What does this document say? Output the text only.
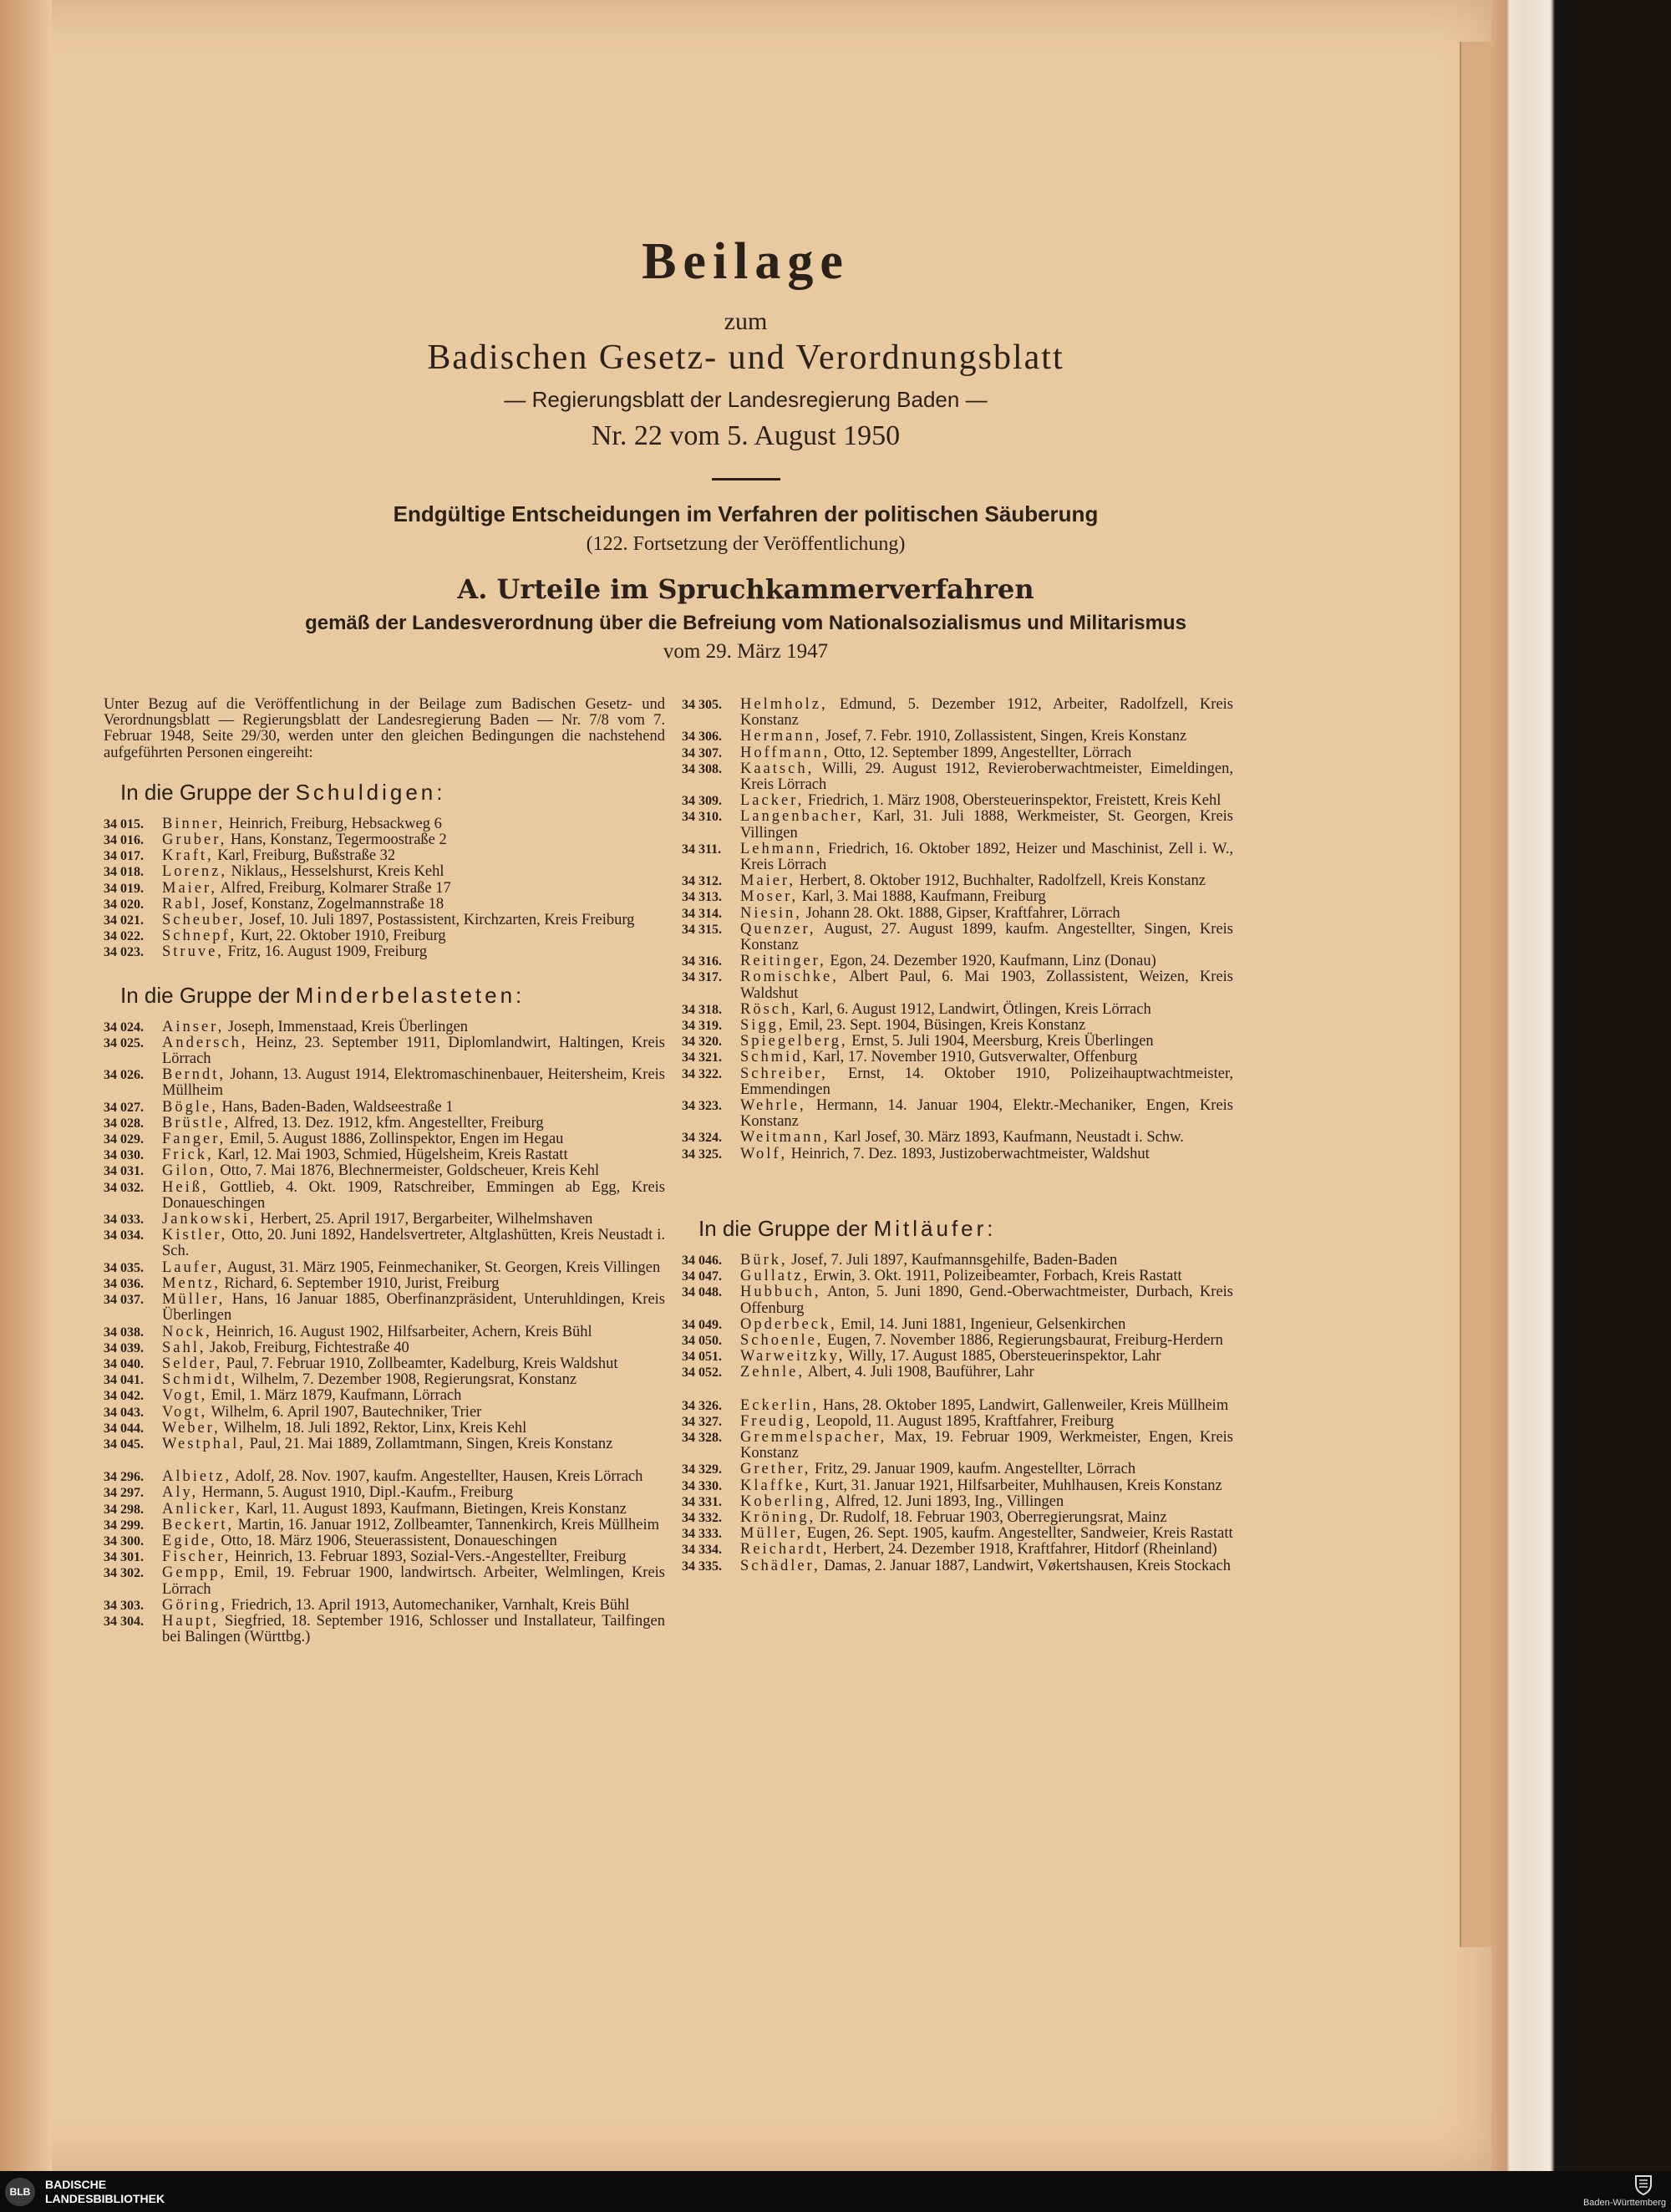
Beilage
zum
Badischen Gesetz- und Verordnungsblatt
— Regierungsblatt der Landesregierung Baden —
Nr. 22 vom 5. August 1950
Endgültige Entscheidungen im Verfahren der politischen Säuberung
(122. Fortsetzung der Veröffentlichung)
A. Urteile im Spruchkammerverfahren
gemäß der Landesverordnung über die Befreiung vom Nationalsozialismus und Militarismus
vom 29. März 1947
Unter Bezug auf die Veröffentlichung in der Beilage zum Badischen Gesetz- und Verordnungsblatt — Regierungsblatt der Landesregierung Baden — Nr. 7/8 vom 7. Februar 1948, Seite 29/30, werden unter den gleichen Bedingungen die nachstehend aufgeführten Personen eingereiht:
In die Gruppe der Schuldigen:
34 015.	Binner, Heinrich, Freiburg, Hebsackweg 6
34 016.	Gruber, Hans, Konstanz, Tegermoostraße 2
34 017.	Kraft, Karl, Freiburg, Bußstraße 32
34 018.	Lorenz, Niklaus,, Hesselshurst, Kreis Kehl
34 019.	Maier, Alfred, Freiburg, Kolmarer Straße 17
34 020.	Rabl, Josef, Konstanz, Zogelmannstraße 18
34 021.	Scheuber, Josef, 10. Juli 1897, Postassistent, Kirchzarten, Kreis Freiburg
34 022.	Schnepf, Kurt, 22. Oktober 1910, Freiburg
34 023.	Struve, Fritz, 16. August 1909, Freiburg
In die Gruppe der Minderbelasteten:
34 024.	Ainser, Joseph, Immenstaad, Kreis Überlingen
34 025.	Andersch, Heinz, 23. September 1911, Diplomlandwirt, Haltingen, Kreis Lörrach
34 026.	Berndt, Johann, 13. August 1914, Elektromaschinenbauer, Heitersheim, Kreis Müllheim
34 027.	Bögle, Hans, Baden-Baden, Waldseestraße 1
34 028.	Brüstle, Alfred, 13. Dez. 1912, kfm. Angestellter, Freiburg
34 029.	Fanger, Emil, 5. August 1886, Zollinspektor, Engen im Hegau
34 030.	Frick, Karl, 12. Mai 1903, Schmied, Hügelsheim, Kreis Rastatt
34 031.	Gilon, Otto, 7. Mai 1876, Blechnermeister, Goldscheuer, Kreis Kehl
34 032.	Heiß, Gottlieb, 4. Okt. 1909, Ratschreiber, Emmingen ab Egg, Kreis Donaueschingen
34 033.	Jankowski, Herbert, 25. April 1917, Bergarbeiter, Wilhelmshaven
34 034.	Kistler, Otto, 20. Juni 1892, Handelsvertreter, Altglashütten, Kreis Neustadt i. Sch.
34 035.	Laufer, August, 31. März 1905, Feinmechaniker, St. Georgen, Kreis Villingen
34 036.	Mentz, Richard, 6. September 1910, Jurist, Freiburg
34 037.	Müller, Hans, 16 Januar 1885, Oberfinanzpräsident, Unteruhldingen, Kreis Überlingen
34 038.	Nock, Heinrich, 16. August 1902, Hilfsarbeiter, Achern, Kreis Bühl
34 039.	Sahl, Jakob, Freiburg, Fichtestraße 40
34 040.	Selder, Paul, 7. Februar 1910, Zollbeamter, Kadelburg, Kreis Waldshut
34 041.	Schmidt, Wilhelm, 7. Dezember 1908, Regierungsrat, Konstanz
34 042.	Vogt, Emil, 1. März 1879, Kaufmann, Lörrach
34 043.	Vogt, Wilhelm, 6. April 1907, Bautechniker, Trier
34 044.	Weber, Wilhelm, 18. Juli 1892, Rektor, Linx, Kreis Kehl
34 045.	Westphal, Paul, 21. Mai 1889, Zollamtmann, Singen, Kreis Konstanz
34 296.	Albietz, Adolf, 28. Nov. 1907, kaufm. Angestellter, Hausen, Kreis Lörrach
34 297.	Aly, Hermann, 5. August 1910, Dipl.-Kaufm., Freiburg
34 298.	Anlicker, Karl, 11. August 1893, Kaufmann, Bietingen, Kreis Konstanz
34 299.	Beckert, Martin, 16. Januar 1912, Zollbeamter, Tannenkirch, Kreis Müllheim
34 300.	Egide, Otto, 18. März 1906, Steuerassistent, Donaueschingen
34 301.	Fischer, Heinrich, 13. Februar 1893, Sozial-Vers.-Angestellter, Freiburg
34 302.	Gempp, Emil, 19. Februar 1900, landwirtsch. Arbeiter, Welmlingen, Kreis Lörrach
34 303.	Göring, Friedrich, 13. April 1913, Automechaniker, Varnhalt, Kreis Bühl
34 304.	Haupt, Siegfried, 18. September 1916, Schlosser und Installateur, Tailfingen bei Balingen (Württbg.)
34 305.	Helmholz, Edmund, 5. Dezember 1912, Arbeiter, Radolfzell, Kreis Konstanz
34 306.	Hermann, Josef, 7. Febr. 1910, Zollassistent, Singen, Kreis Konstanz
34 307.	Hoffmann, Otto, 12. September 1899, Angestellter, Lörrach
34 308.	Kaatsch, Willi, 29. August 1912, Revieroberwachtmeister, Eimeldingen, Kreis Lörrach
34 309.	Lacker, Friedrich, 1. März 1908, Obersteuerinspektor, Freistett, Kreis Kehl
34 310.	Langenbacher, Karl, 31. Juli 1888, Werkmeister, St. Georgen, Kreis Villingen
34 311.	Lehmann, Friedrich, 16. Oktober 1892, Heizer und Maschinist, Zell i. W., Kreis Lörrach
34 312.	Maier, Herbert, 8. Oktober 1912, Buchhalter, Radolfzell, Kreis Konstanz
34 313.	Moser, Karl, 3. Mai 1888, Kaufmann, Freiburg
34 314.	Niesin, Johann 28. Okt. 1888, Gipser, Kraftfahrer, Lörrach
34 315.	Quenzer, August, 27. August 1899, kaufm. Angestellter, Singen, Kreis Konstanz
34 316.	Reitinger, Egon, 24. Dezember 1920, Kaufmann, Linz (Donau)
34 317.	Romischke, Albert Paul, 6. Mai 1903, Zollassistent, Weizen, Kreis Waldshut
34 318.	Rösch, Karl, 6. August 1912, Landwirt, Ötlingen, Kreis Lörrach
34 319.	Sigg, Emil, 23. Sept. 1904, Büsingen, Kreis Konstanz
34 320.	Spiegelberg, Ernst, 5. Juli 1904, Meersburg, Kreis Überlingen
34 321.	Schmid, Karl, 17. November 1910, Gutsverwalter, Offenburg
34 322.	Schreiber, Ernst, 14. Oktober 1910, Polizeihauptwachtmeister, Emmendingen
34 323.	Wehrle, Hermann, 14. Januar 1904, Elektr.-Mechaniker, Engen, Kreis Konstanz
34 324.	Weitmann, Karl Josef, 30. März 1893, Kaufmann, Neustadt i. Schw.
34 325.	Wolf, Heinrich, 7. Dez. 1893, Justizoberwachtmeister, Waldshut
In die Gruppe der Mitläufer:
34 046.	Bürk, Josef, 7. Juli 1897, Kaufmannsgehilfe, Baden-Baden
34 047.	Gullatz, Erwin, 3. Okt. 1911, Polizeibeamter, Forbach, Kreis Rastatt
34 048.	Hubbuch, Anton, 5. Juni 1890, Gend.-Oberwachtmeister, Durbach, Kreis Offenburg
34 049.	Opderbeck, Emil, 14. Juni 1881, Ingenieur, Gelsenkirchen
34 050.	Schoenle, Eugen, 7. November 1886, Regierungsbaurat, Freiburg-Herdern
34 051.	Warweitzky, Willy, 17. August 1885, Obersteuerinspektor, Lahr
34 052.	Zehnle, Albert, 4. Juli 1908, Bauführer, Lahr
34 326.	Eckerlin, Hans, 28. Oktober 1895, Landwirt, Gallenweiler, Kreis Müllheim
34 327.	Freudig, Leopold, 11. August 1895, Kraftfahrer, Freiburg
34 328.	Gremmelspacher, Max, 19. Februar 1909, Werkmeister, Engen, Kreis Konstanz
34 329.	Grether, Fritz, 29. Januar 1909, kaufm. Angestellter, Lörrach
34 330.	Klaffke, Kurt, 31. Januar 1921, Hilfsarbeiter, Muhlhausen, Kreis Konstanz
34 331.	Koberling, Alfred, 12. Juni 1893, Ing., Villingen
34 332.	Kröning, Dr. Rudolf, 18. Februar 1903, Oberregierungsrat, Mainz
34 333.	Müller, Eugen, 26. Sept. 1905, kaufm. Angestellter, Sandweier, Kreis Rastatt
34 334.	Reichardt, Herbert, 24. Dezember 1918, Kraftfahrer, Hitdorf (Rheinland)
34 335.	Schädler, Damas, 2. Januar 1887, Landwirt, Vøkertshausen, Kreis Stockach
BLB
BADISCHE
LANDESBIBLIOTHEK	Baden-Württemberg
